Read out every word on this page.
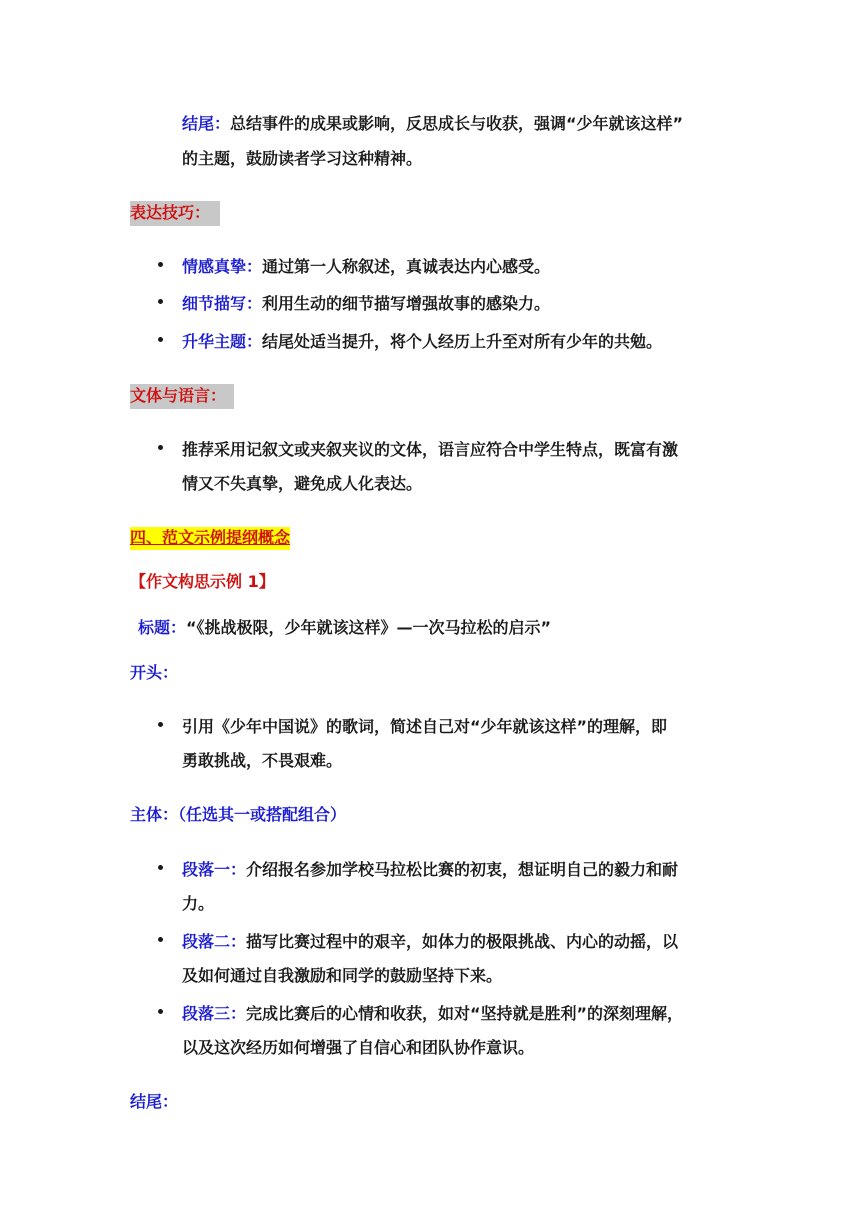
结尾：总结事件的成果或影响，反思成长与收获，强调“少年就该这样”
的主题，鼓励读者学习这种精神。
表达技巧：
情感真挚：通过第一人称叙述，真诚表达内心感受。
细节描写：利用生动的细节描写增强故事的感染力。
升华主题：结尾处适当提升，将个人经历上升至对所有少年的共勉。
文体与语言：
推荐采用记叙文或夹叙夹议的文体，语言应符合中学生特点，既富有激
情又不失真挚，避免成人化表达。
四、范文示例提纲概念
【作文构思示例 1】
标题：“《挑战极限，少年就该这样》—一次马拉松的启示”
开头：
引用《少年中国说》的歌词，简述自己对“少年就该这样”的理解，即
勇敢挑战，不畏艰难。
主体：（任选其一或搭配组合）
段落一：介绍报名参加学校马拉松比赛的初衷，想证明自己的毅力和耐
力。
段落二：描写比赛过程中的艰辛，如体力的极限挑战、内心的动摇，以
及如何通过自我激励和同学的鼓励坚持下来。
段落三：完成比赛后的心情和收获，如对“坚持就是胜利”的深刻理解，
以及这次经历如何增强了自信心和团队协作意识。
结尾：
